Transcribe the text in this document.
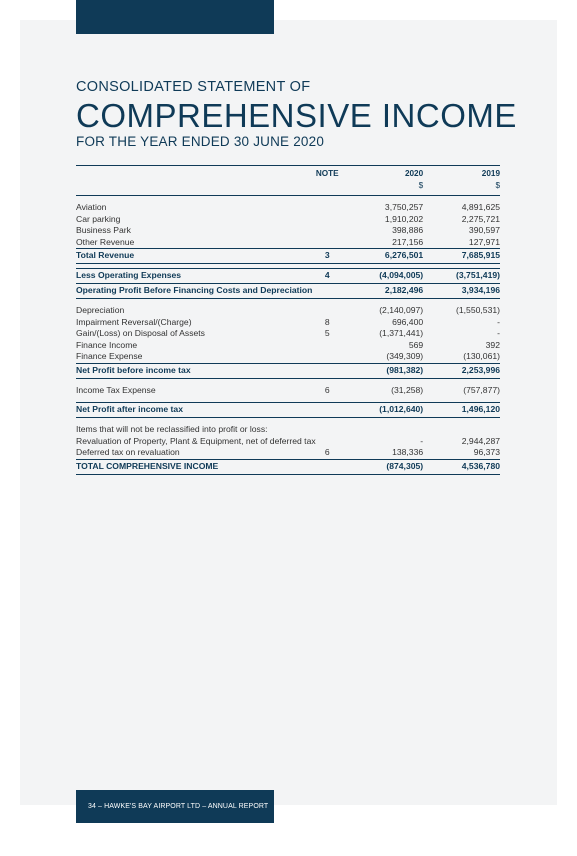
CONSOLIDATED STATEMENT OF
COMPREHENSIVE INCOME
FOR THE YEAR ENDED 30 JUNE 2020
	NOTE	2020	2019
		$	$

Aviation		3,750,257	4,891,625
Car parking		1,910,202	2,275,721
Business Park		398,886	390,597
Other Revenue		217,156	127,971
Total Revenue	3	6,276,501	7,685,915

Less Operating Expenses	4	(4,094,005)	(3,751,419)
Operating Profit Before Financing Costs and Depreciation		2,182,496	3,934,196

Depreciation		(2,140,097)	(1,550,531)
Impairment Reversal/(Charge)	8	696,400	-
Gain/(Loss) on Disposal of Assets	5	(1,371,441)	-
Finance Income		569	392
Finance Expense		(349,309)	(130,061)
Net Profit before income tax		(981,382)	2,253,996

Income Tax Expense	6	(31,258)	(757,877)

Net Profit after income tax		(1,012,640)	1,496,120

Items that will not be reclassified into profit or loss:			
Revaluation of Property, Plant & Equipment, net of deferred tax		-	2,944,287
Deferred tax on revaluation	6	138,336	96,373
TOTAL COMPREHENSIVE INCOME		(874,305)	4,536,780
34 – HAWKE'S BAY AIRPORT LTD – ANNUAL REPORT 2020
